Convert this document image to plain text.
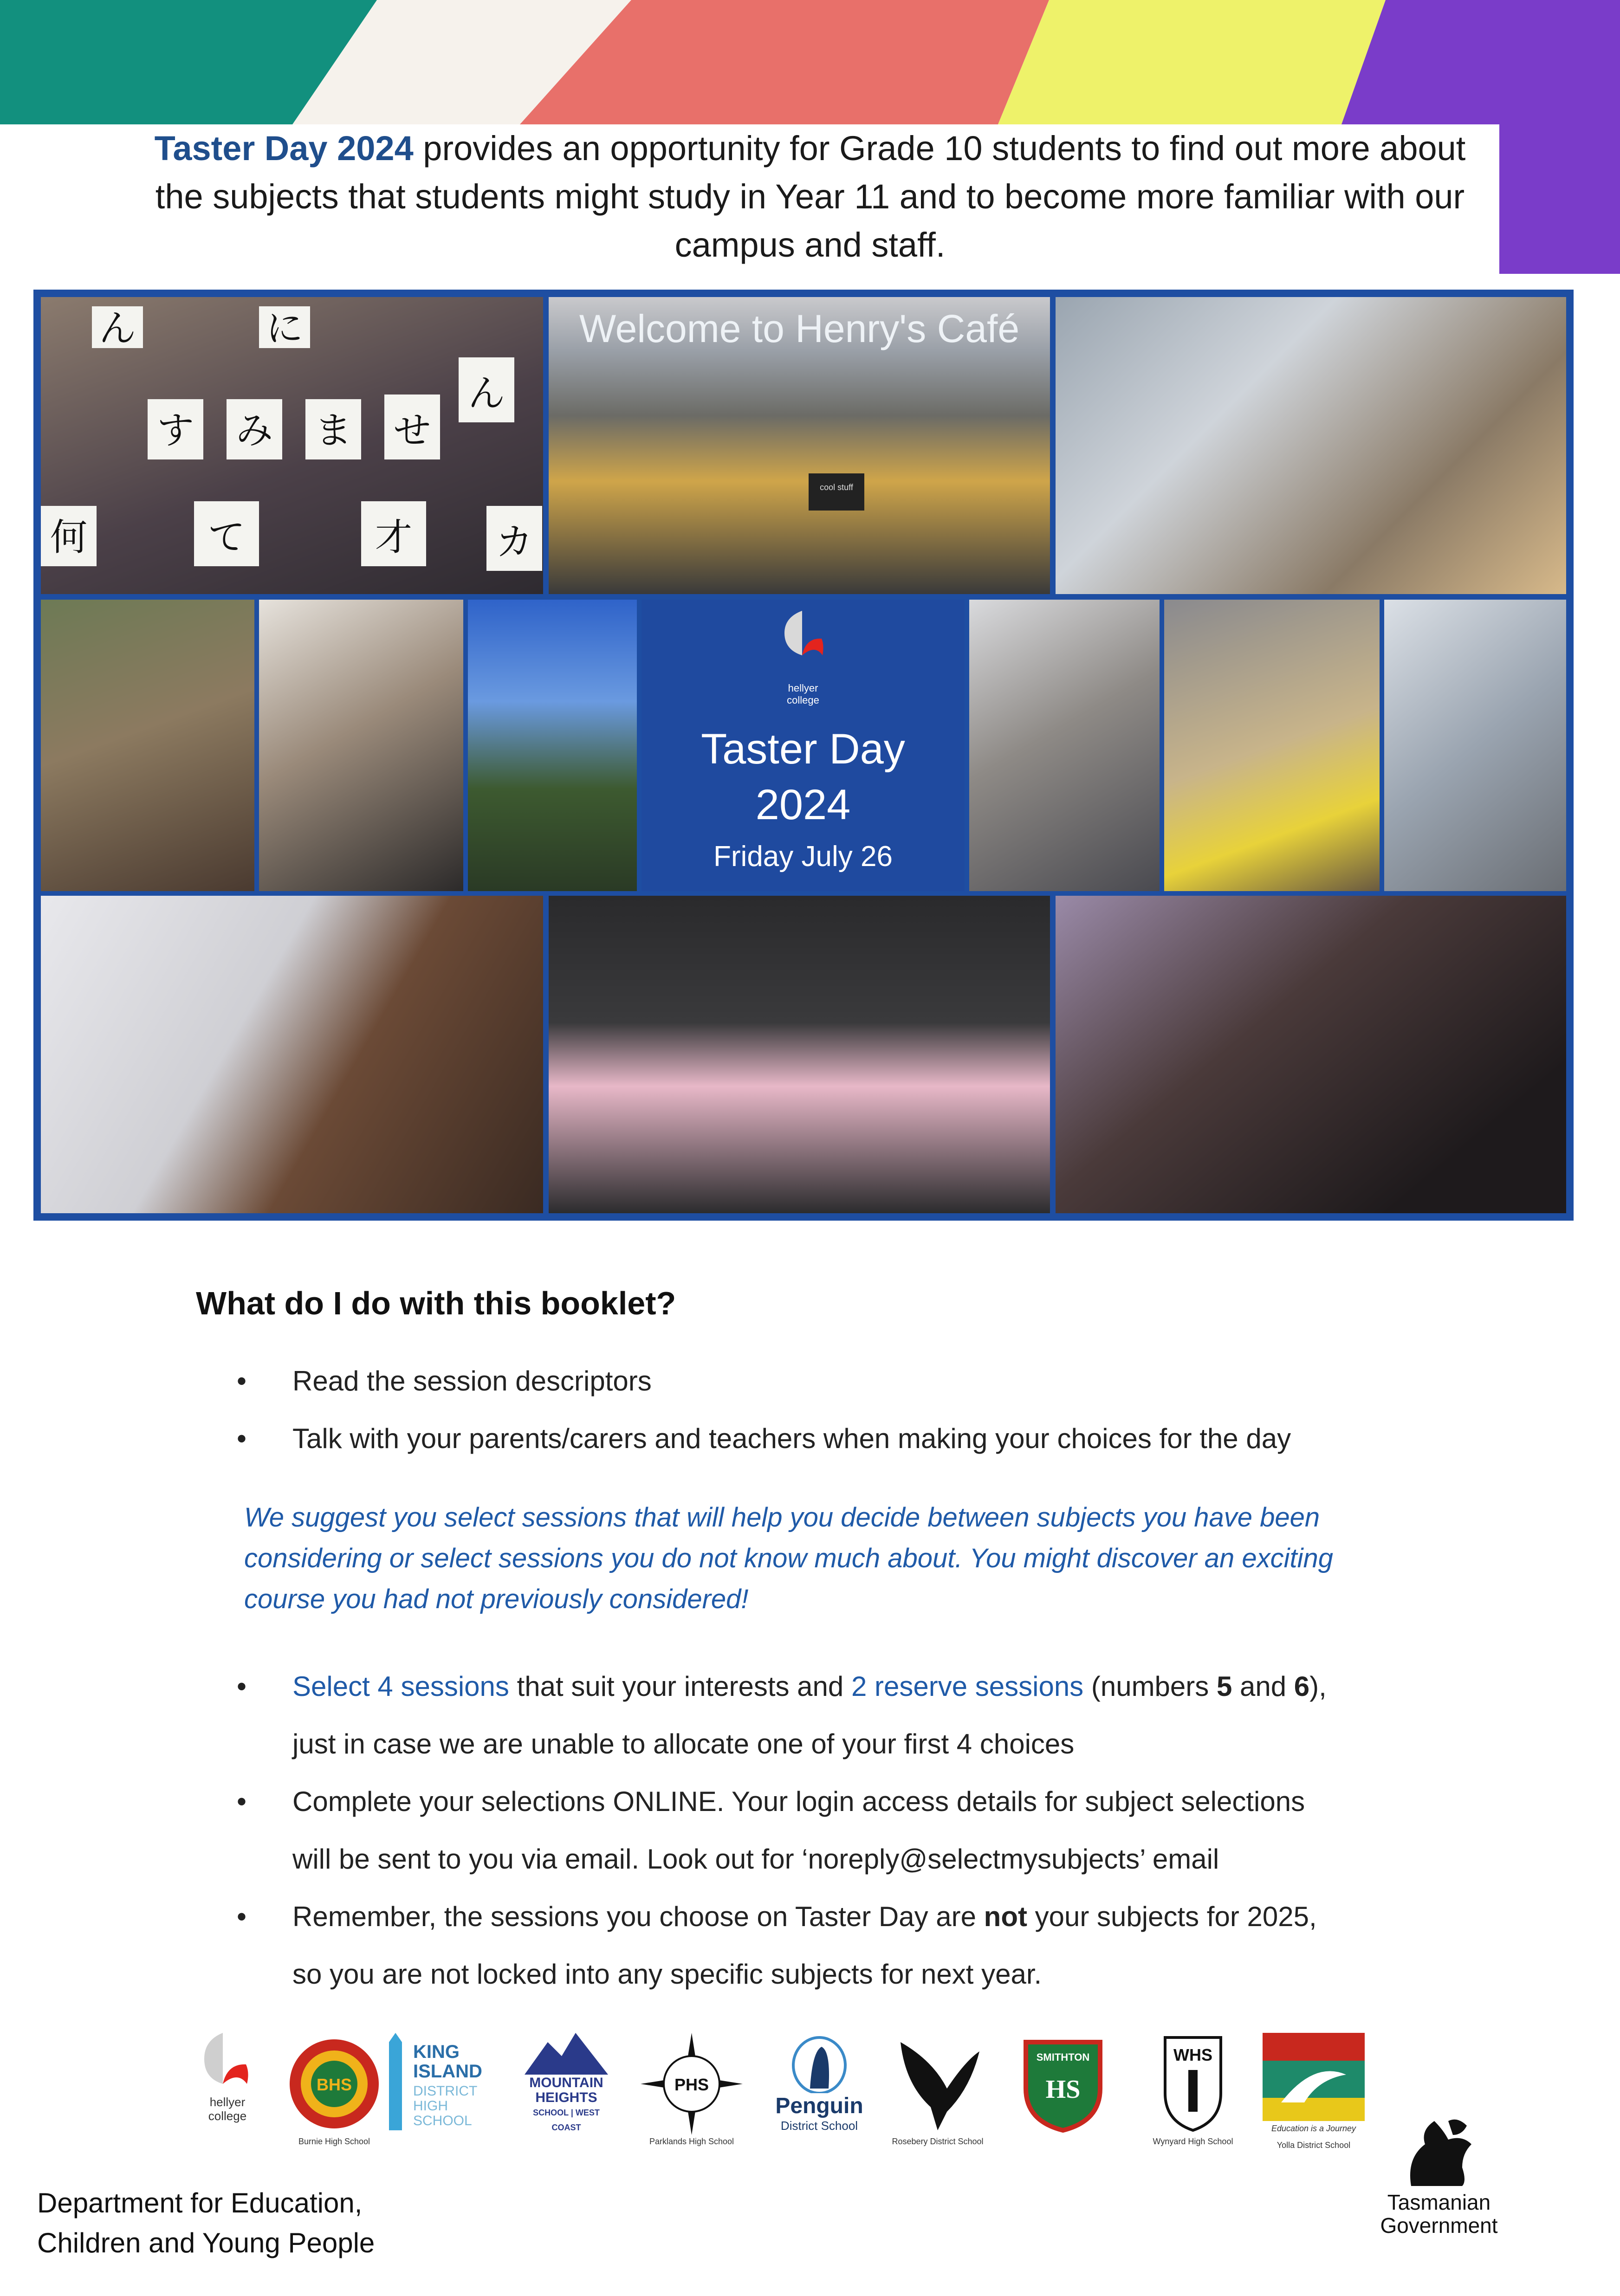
Taster Day 2024 provides an opportunity for Grade 10 students to find out more about the subjects that students might study in Year 11 and to become more familiar with our campus and staff.
ん	に
す み ま せ
ん
何	て	才 カ
Welcome to Henry's Café
cool stuff
hellyer
college
Taster Day
2024
Friday July 26
What do I do with this booklet?
• Read the session descriptors
• Talk with your parents/carers and teachers when making your choices for the day
We suggest you select sessions that will help you decide between subjects you have been considering or select sessions you do not know much about. You might discover an exciting course you had not previously considered!
• Select 4 sessions that suit your interests and 2 reserve sessions (numbers 5 and 6),
just in case we are unable to allocate one of your first 4 choices
• Complete your selections ONLINE. Your login access details for subject selections
will be sent to you via email. Look out for ‘noreply@selectmysubjects’ email
• Remember, the sessions you choose on Taster Day are not your subjects for 2025,
so you are not locked into any specific subjects for next year.
hellyer
college
BHS
Burnie High School
KING
ISLAND
DISTRICT
HIGH
SCHOOL
MOUNTAIN
HEIGHTS
SCHOOL | WEST COAST
PHS
Parklands High School
Penguin
District School
Rosebery District School
SMITHTON
HS
WHS
Wynyard High School
Education is a Journey
Yolla District School
Department for Education,
Children and Young People
Tasmanian
Government
